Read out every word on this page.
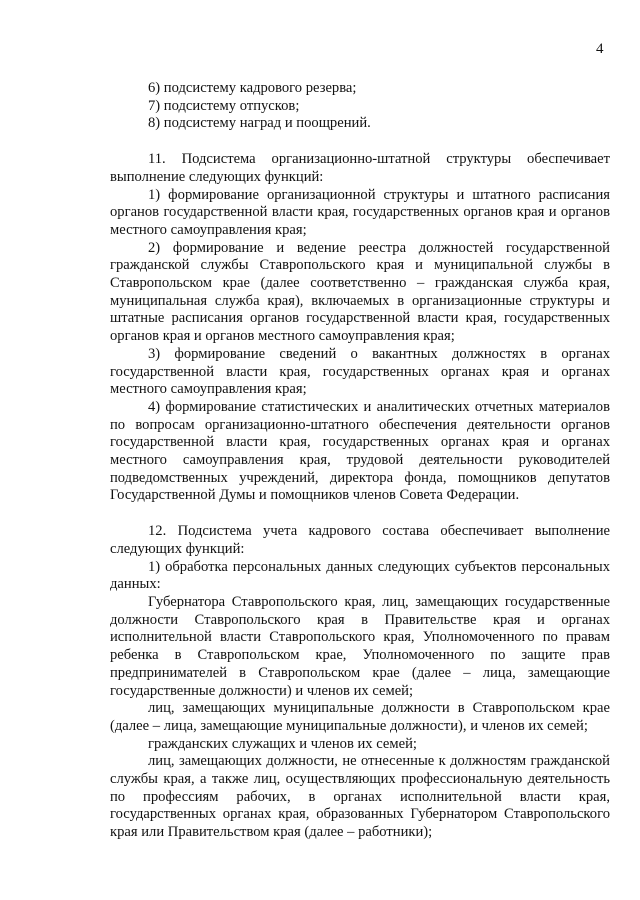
4

6) подсистему кадрового резерва;

7) подсистему отпусков;

8) подсистему наград и поощрений.

11. Подсистема организационно-штатной структуры обеспечивает выполнение следующих функций:

1) формирование организационной структуры и штатного расписания органов государственной власти края, государственных органов края и органов местного самоуправления края;

2) формирование и ведение реестра должностей государственной гражданской службы Ставропольского края и муниципальной службы в Ставропольском крае (далее соответственно – гражданская служба края, муниципальная служба края), включаемых в организационные структуры и штатные расписания органов государственной власти края, государственных органов края и органов местного самоуправления края;

3) формирование сведений о вакантных должностях в органах государственной власти края, государственных органах края и органах местного самоуправления края;

4) формирование статистических и аналитических отчетных материалов по вопросам организационно-штатного обеспечения деятельности органов государственной власти края, государственных органах края и органах местного самоуправления края, трудовой деятельности руководителей подведомственных учреждений, директора фонда, помощников депутатов Государственной Думы и помощников членов Совета Федерации.

12. Подсистема учета кадрового состава обеспечивает выполнение следующих функций:

1) обработка персональных данных следующих субъектов персональных данных:

Губернатора Ставропольского края, лиц, замещающих государственные должности Ставропольского края в Правительстве края и органах исполнительной власти Ставропольского края, Уполномоченного по правам ребенка в Ставропольском крае, Уполномоченного по защите прав предпринимателей в Ставропольском крае (далее – лица, замещающие государственные должности) и членов их семей;

лиц, замещающих муниципальные должности в Ставропольском крае (далее – лица, замещающие муниципальные должности), и членов их семей;

гражданских служащих и членов их семей;

лиц, замещающих должности, не отнесенные к должностям гражданской службы края, а также лиц, осуществляющих профессиональную деятельность по профессиям рабочих, в органах исполнительной власти края, государственных органах края, образованных Губернатором Ставропольского края или Правительством края (далее – работники);
